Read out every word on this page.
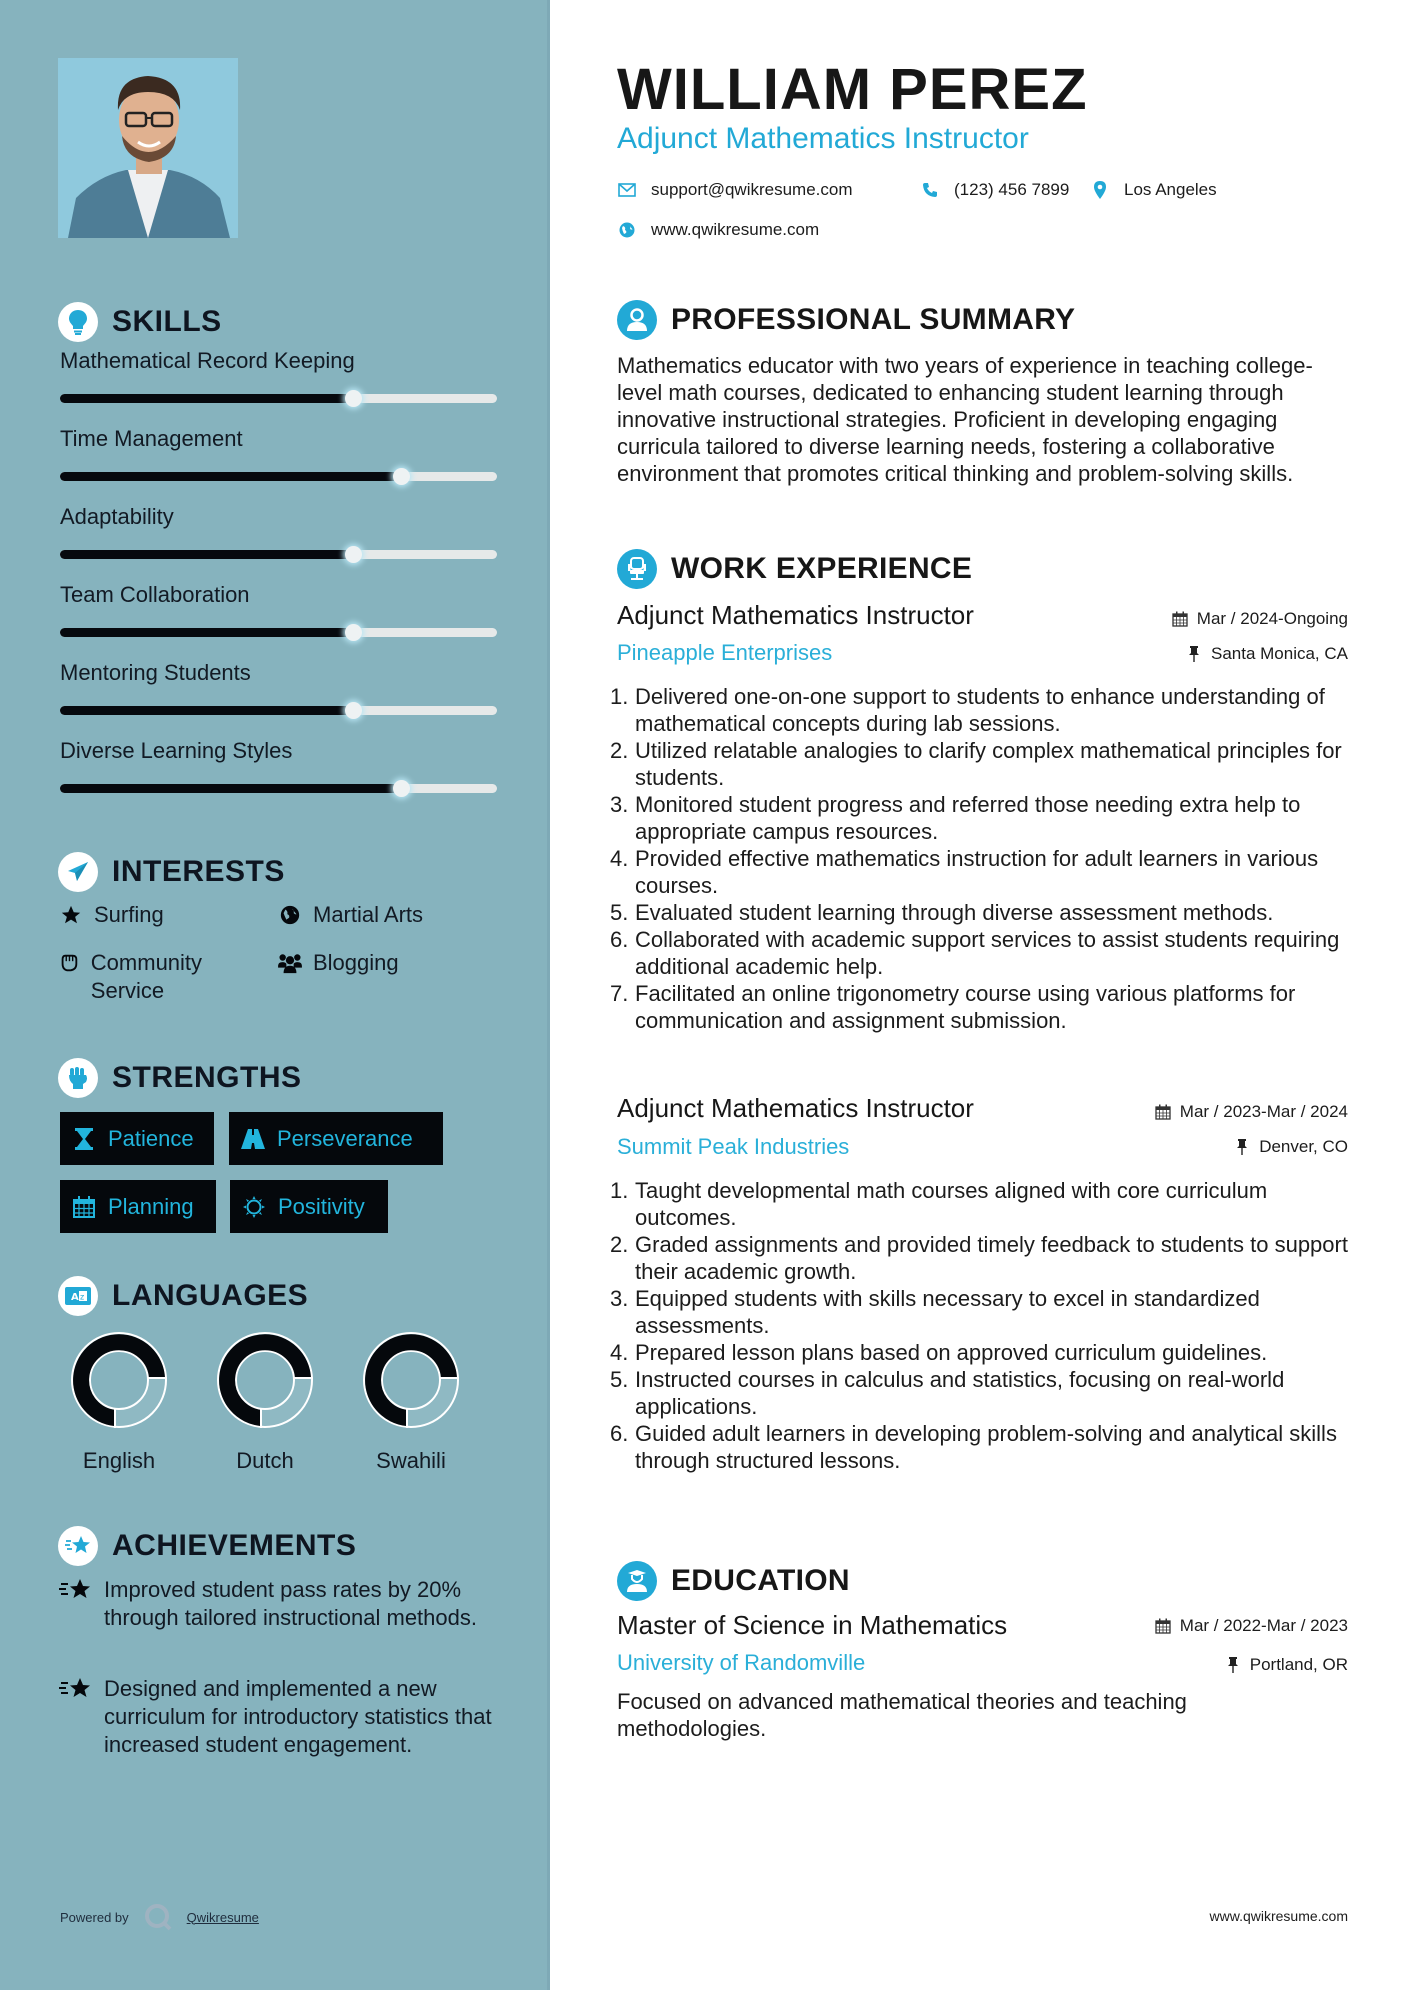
SKILLS
Mathematical Record Keeping
Time Management
Adaptability
Team Collaboration
Mentoring Students
Diverse Learning Styles
INTERESTS
Surfing	Martial Arts
Community Service
Blogging
STRENGTHS
Patience	Perseverance
Planning	Positivity
A z LANGUAGES
English	Dutch	Swahili
ACHIEVEMENTS
Improved student pass rates by 20% through tailored instructional methods.
Designed and implemented a new curriculum for introductory statistics that increased student engagement.
Powered by	Qwikresume
WILLIAM PEREZ
Adjunct Mathematics Instructor
support@qwikresume.com	(123) 456 7899	Los Angeles
www.qwikresume.com
PROFESSIONAL SUMMARY

Mathematics educator with two years of experience in teaching college-level math courses, dedicated to enhancing student learning through innovative instructional strategies. Proficient in developing engaging curricula tailored to diverse learning needs, fostering a collaborative environment that promotes critical thinking and problem-solving skills.

WORK EXPERIENCE
Adjunct Mathematics Instructor	Mar / 2024-Ongoing
Pineapple Enterprises	Santa Monica, CA
1. Delivered one-on-one support to students to enhance understanding of mathematical concepts during lab sessions.
2. Utilized relatable analogies to clarify complex mathematical principles for students.
3. Monitored student progress and referred those needing extra help to appropriate campus resources.
4. Provided effective mathematics instruction for adult learners in various courses.
5. Evaluated student learning through diverse assessment methods.
6. Collaborated with academic support services to assist students requiring additional academic help.
7. Facilitated an online trigonometry course using various platforms for communication and assignment submission.
Adjunct Mathematics Instructor	Mar / 2023-Mar / 2024
Summit Peak Industries	Denver, CO
1. Taught developmental math courses aligned with core curriculum outcomes.
2. Graded assignments and provided timely feedback to students to support their academic growth.
3. Equipped students with skills necessary to excel in standardized assessments.
4. Prepared lesson plans based on approved curriculum guidelines.
5. Instructed courses in calculus and statistics, focusing on real-world applications.
6. Guided adult learners in developing problem-solving and analytical skills through structured lessons.
EDUCATION
Master of Science in Mathematics	Mar / 2022-Mar / 2023
University of Randomville	Portland, OR

Focused on advanced mathematical theories and teaching methodologies.

www.qwikresume.com
